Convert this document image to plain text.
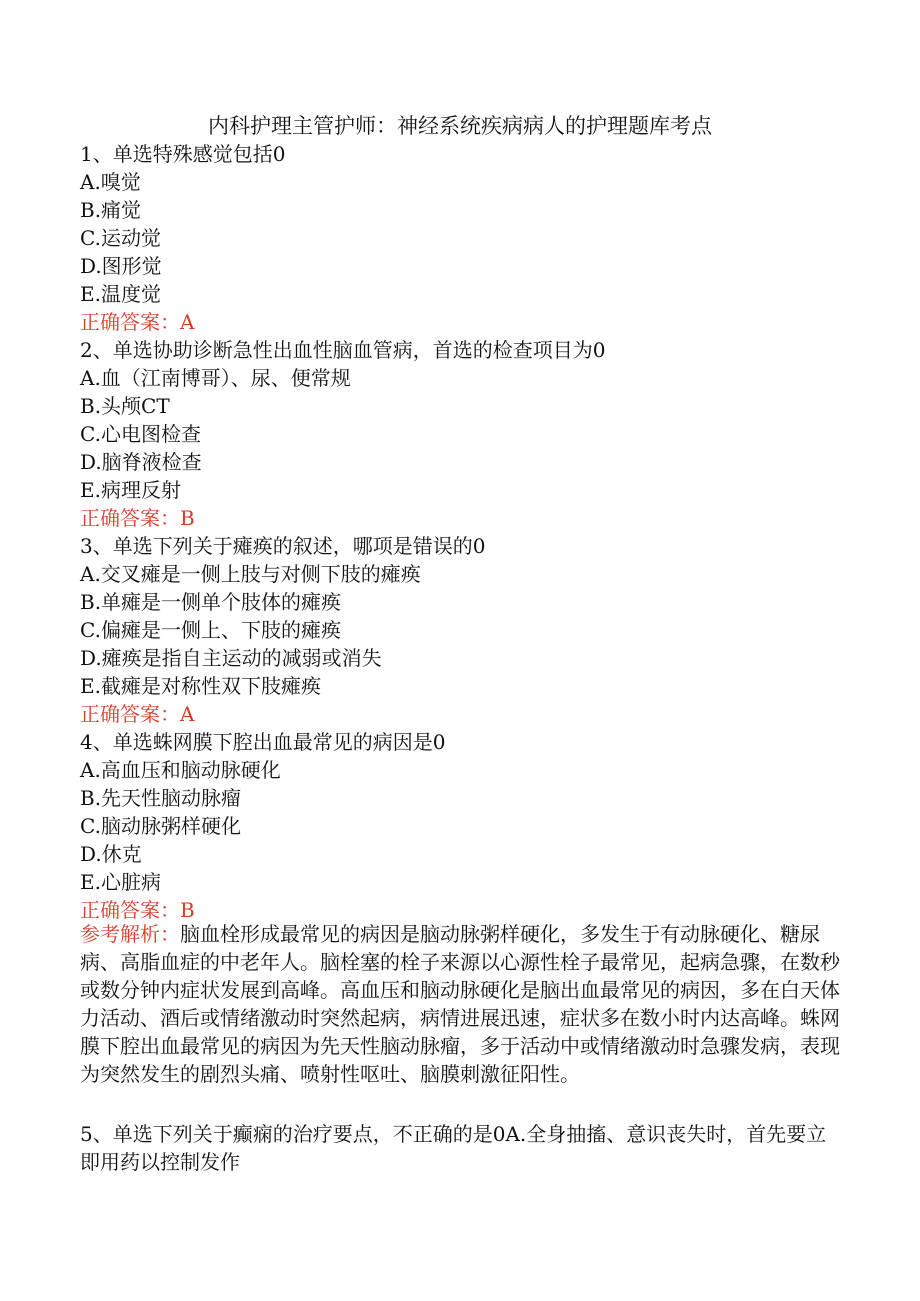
内科护理主管护师：神经系统疾病病人的护理题库考点
1、单选特殊感觉包括0
A.嗅觉
B.痛觉
C.运动觉
D.图形觉
E.温度觉
正确答案：A
2、单选协助诊断急性出血性脑血管病，首选的检查项目为0
A.血（江南博哥）、尿、便常规
B.头颅CT
C.心电图检查
D.脑脊液检查
E.病理反射
正确答案：B
3、单选下列关于瘫痪的叙述，哪项是错误的0
A.交叉瘫是一侧上肢与对侧下肢的瘫痪
B.单瘫是一侧单个肢体的瘫痪
C.偏瘫是一侧上、下肢的瘫痪
D.瘫痪是指自主运动的减弱或消失
E.截瘫是对称性双下肢瘫痪
正确答案：A
4、单选蛛网膜下腔出血最常见的病因是0
Α.高血压和脑动脉硬化
B.先天性脑动脉瘤
C.脑动脉粥样硬化
D.休克
E.心脏病
正确答案：B
参考解析：脑血栓形成最常见的病因是脑动脉粥样硬化，多发生于有动脉硬化、糖尿病、高脂血症的中老年人。脑栓塞的栓子来源以心源性栓子最常见，起病急骤，在数秒或数分钟内症状发展到高峰。高血压和脑动脉硬化是脑出血最常见的病因，多在白天体力活动、酒后或情绪激动时突然起病，病情进展迅速，症状多在数小时内达高峰。蛛网膜下腔出血最常见的病因为先天性脑动脉瘤，多于活动中或情绪激动时急骤发病，表现为突然发生的剧烈头痛、喷射性呕吐、脑膜刺激征阳性。
5、单选下列关于癫痫的治疗要点，不正确的是0A.全身抽搐、意识丧失时，首先要立即用药以控制发作
